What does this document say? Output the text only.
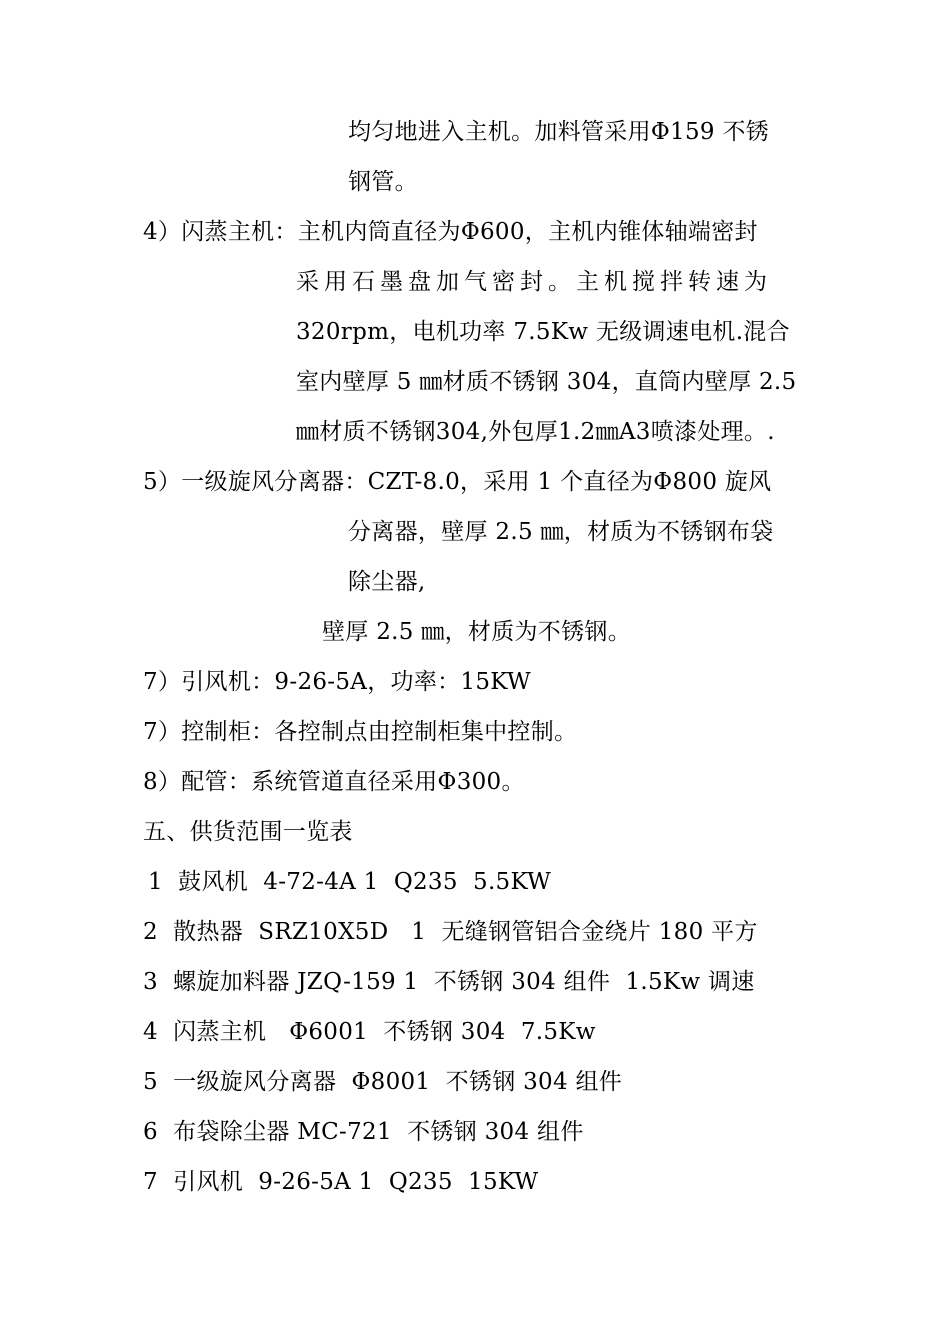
均匀地进入主机。加料管采用Φ159 不锈
钢管。
4）闪蒸主机：主机内筒直径为Φ600，主机内锥体轴端密封
采用石墨盘加气密封。主机搅拌转速为
320rpm，电机功率 7.5Kw 无级调速电机.混合
室内壁厚 5 ㎜材质不锈钢 304，直筒内壁厚 2.5
㎜材质不锈钢304,外包厚1.2㎜A3喷漆处理。.
5）一级旋风分离器：CZT-8.0，采用 1 个直径为Φ800 旋风
分离器，壁厚 2.5 ㎜，材质为不锈钢布袋
除尘器,
壁厚 2.5 ㎜，材质为不锈钢。
7）引风机：9-26-5A，功率：15KW
7）控制柜：各控制点由控制柜集中控制。
8）配管：系统管道直径采用Φ300。
五、供货范围一览表
1  鼓风机  4-72-4A 1  Q235  5.5KW
2  散热器  SRZ10X5D   1  无缝钢管铝合金绕片 180 平方
3  螺旋加料器 JZQ-159 1  不锈钢 304 组件  1.5Kw 调速
4  闪蒸主机   Φ6001  不锈钢 304  7.5Kw
5  一级旋风分离器  Φ8001  不锈钢 304 组件
6  布袋除尘器 MC-721  不锈钢 304 组件
7  引风机  9-26-5A 1  Q235  15KW
